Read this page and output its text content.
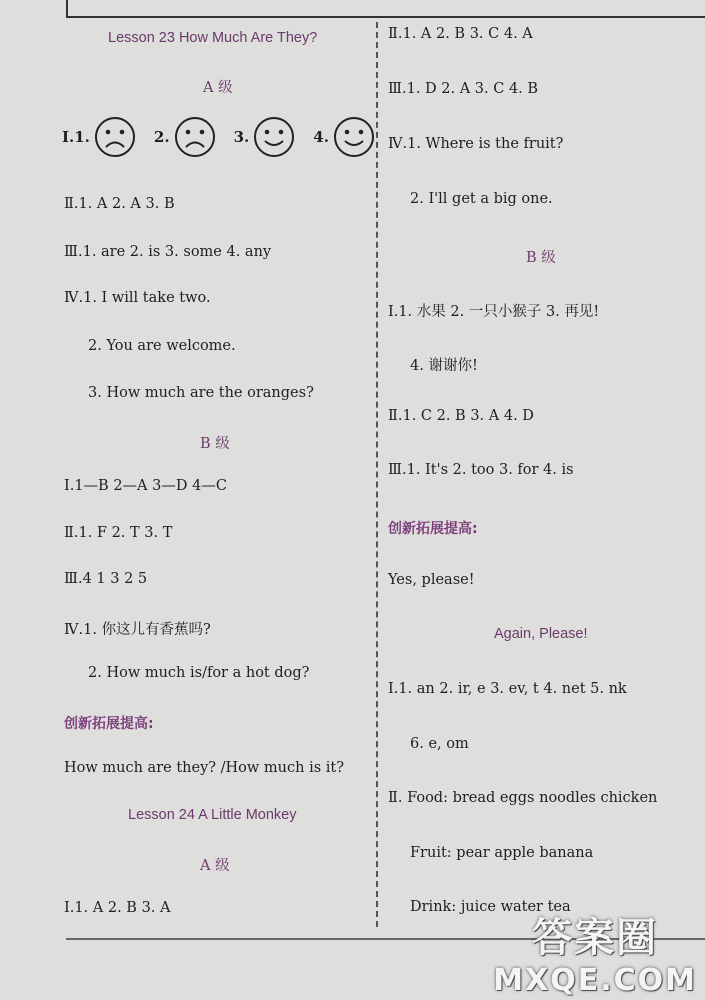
Lesson 23 How Much Are They?
A 级
Ⅰ. 1.	2.	3.	4.
Ⅱ.1. A 2. A 3. B
Ⅲ.1. are 2. is 3. some 4. any
Ⅳ.1. I will take two.
2. You are welcome.
3. How much are the oranges?
B 级
Ⅰ.1—B 2—A 3—D 4—C
Ⅱ.1. F 2. T 3. T
Ⅲ.4 1 3 2 5
Ⅳ.1. 你这儿有香蕉吗?
2. How much is/for a hot dog?
创新拓展提高:
How much are they? /How much is it?
Lesson 24 A Little Monkey
A 级
Ⅰ.1. A 2. B 3. A
Ⅱ.1. A 2. B 3. C 4. A
Ⅲ.1. D 2. A 3. C 4. B
Ⅳ.1. Where is the fruit?
2. I'll get a big one.
B 级
Ⅰ.1. 水果 2. 一只小猴子 3. 再见!
4. 谢谢你!
Ⅱ.1. C 2. B 3. A 4. D
Ⅲ.1. It's 2. too 3. for 4. is
创新拓展提高:
Yes, please!
Again, Please!
Ⅰ.1. an 2. ir, e 3. ev, t 4. net 5. nk
6. e, om
Ⅱ. Food: bread eggs noodles chicken
Fruit: pear apple banana
Drink: juice water tea
答案圈
MXQE.COM
